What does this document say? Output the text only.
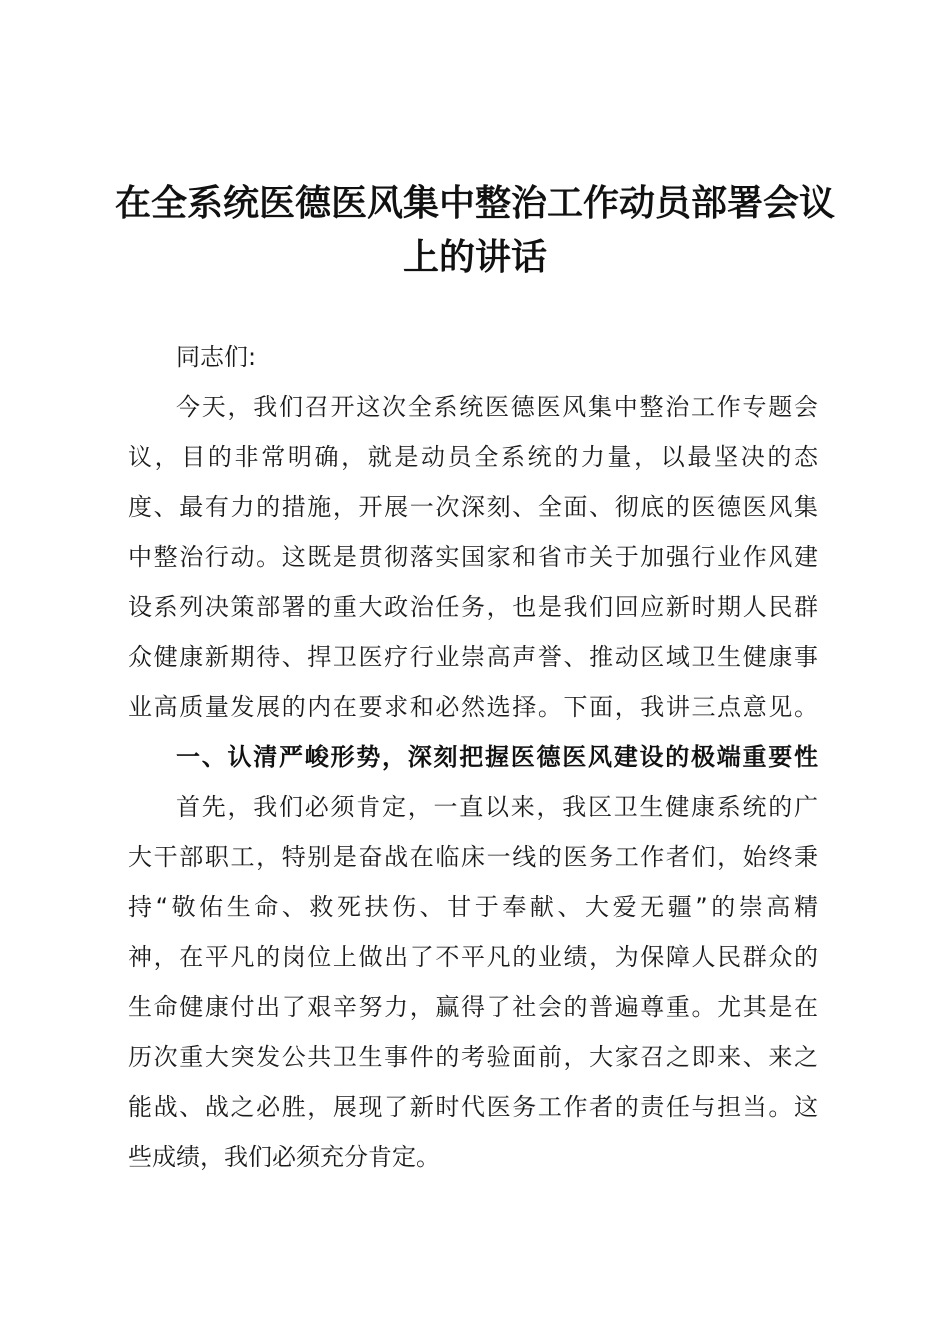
在全系统医德医风集中整治工作动员部署会议
上的讲话

同志们:

今天，我们召开这次全系统医德医风集中整治工作专题会

议，目的非常明确，就是动员全系统的力量，以最坚决的态

度、最有力的措施，开展一次深刻、全面、彻底的医德医风集

中整治行动。这既是贯彻落实国家和省市关于加强行业作风建

设系列决策部署的重大政治任务，也是我们回应新时期人民群

众健康新期待、捍卫医疗行业崇高声誉、推动区域卫生健康事

业高质量发展的内在要求和必然选择。下面，我讲三点意见。

一、认清严峻形势，深刻把握医德医风建设的极端重要性

首先，我们必须肯定，一直以来，我区卫生健康系统的广

大干部职工，特别是奋战在临床一线的医务工作者们，始终秉

持“敬佑生命、救死扶伤、甘于奉献、大爱无疆”的崇高精

神，在平凡的岗位上做出了不平凡的业绩，为保障人民群众的

生命健康付出了艰辛努力，赢得了社会的普遍尊重。尤其是在

历次重大突发公共卫生事件的考验面前，大家召之即来、来之

能战、战之必胜，展现了新时代医务工作者的责任与担当。这

些成绩，我们必须充分肯定。
